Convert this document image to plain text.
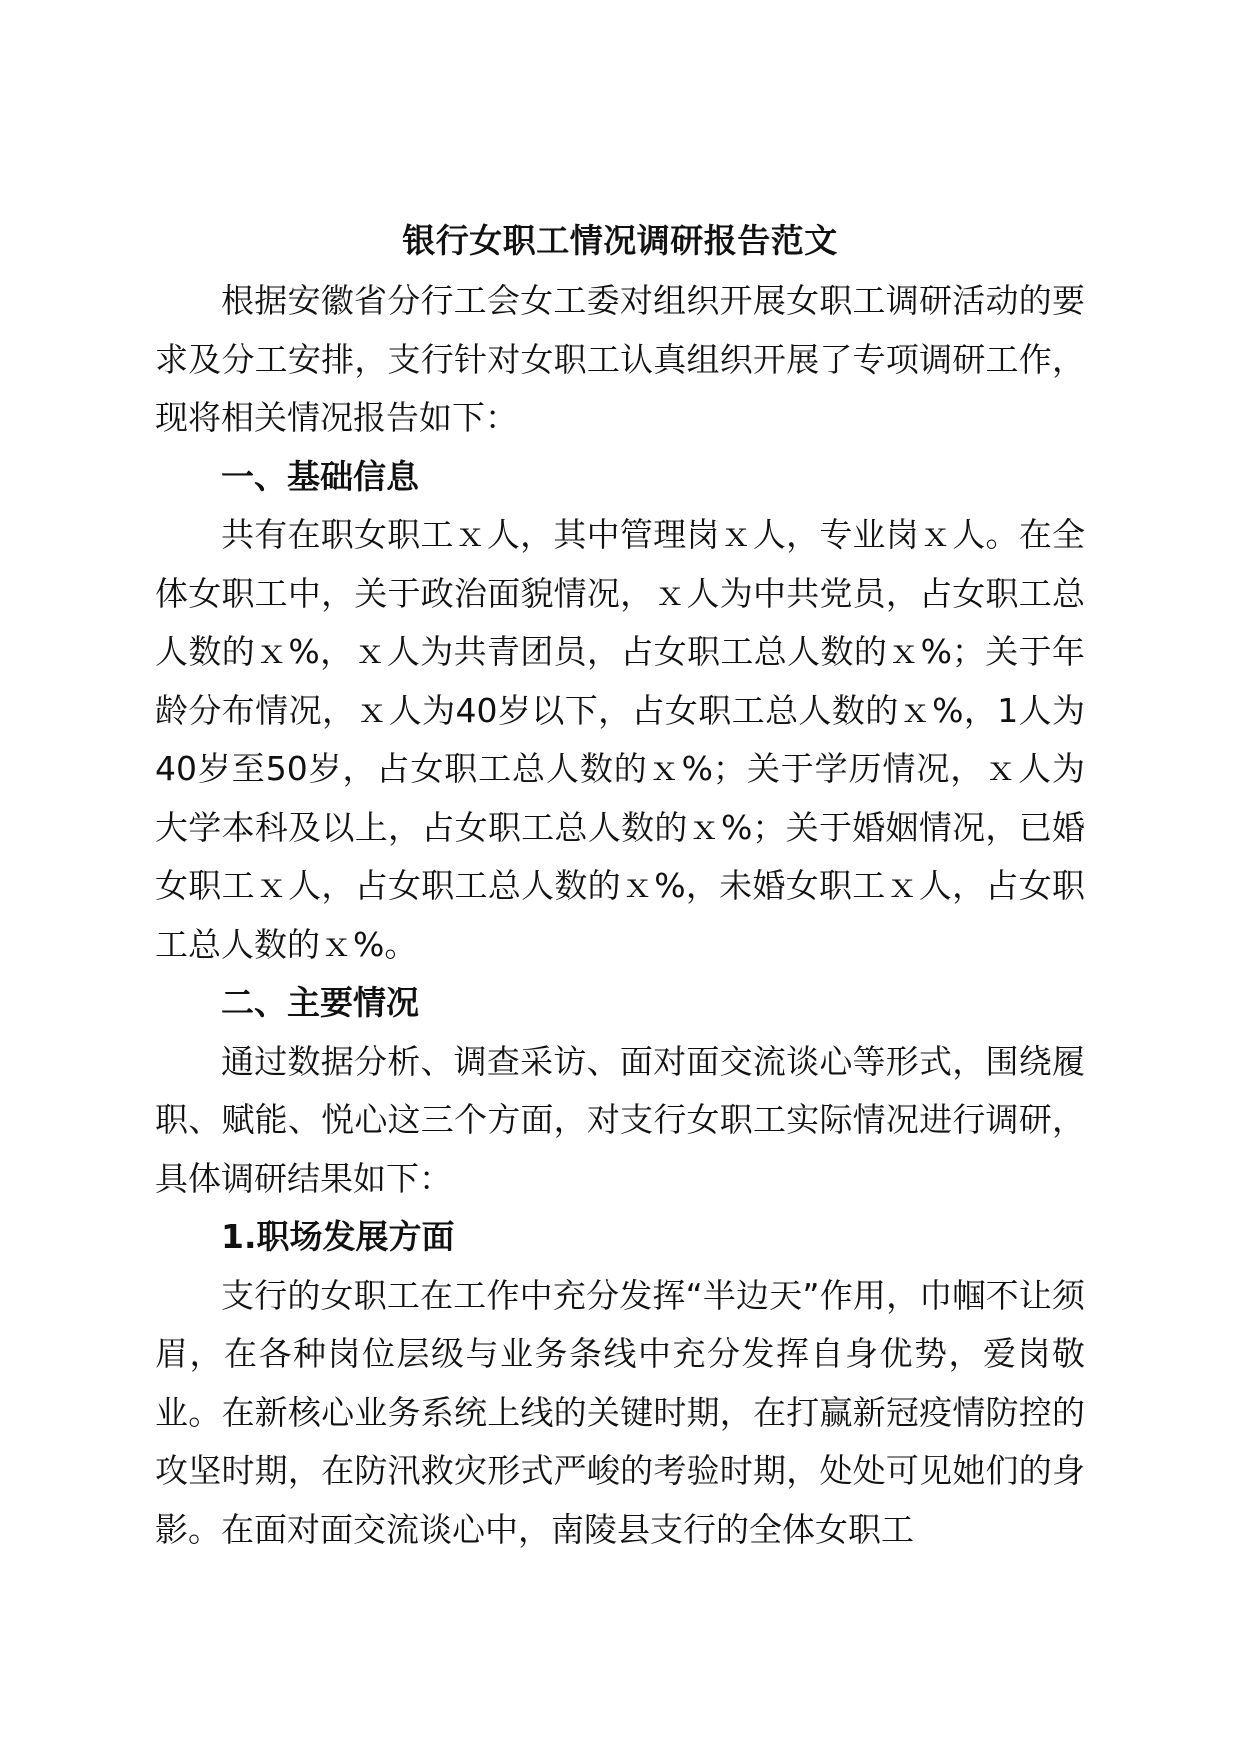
银行女职工情况调研报告范文

根据安徽省分行工会女工委对组织开展女职工调研活动的要求及分工安排，支行针对女职工认真组织开展了专项调研工作，现将相关情况报告如下：

一、基础信息

共有在职女职工ｘ人，其中管理岗ｘ人，专业岗ｘ人。在全体女职工中，关于政治面貌情况，ｘ人为中共党员，占女职工总人数的ｘ%，ｘ人为共青团员，占女职工总人数的ｘ%；关于年龄分布情况，ｘ人为40岁以下，占女职工总人数的ｘ%，1人为40岁至50岁，占女职工总人数的ｘ%；关于学历情况，ｘ人为大学本科及以上，占女职工总人数的ｘ%；关于婚姻情况，已婚女职工ｘ人，占女职工总人数的ｘ%，未婚女职工ｘ人，占女职工总人数的ｘ%。

二、主要情况

通过数据分析、调查采访、面对面交流谈心等形式，围绕履职、赋能、悦心这三个方面，对支行女职工实际情况进行调研，具体调研结果如下：

1.职场发展方面

支行的女职工在工作中充分发挥“半边天”作用，巾帼不让须眉，在各种岗位层级与业务条线中充分发挥自身优势，爱岗敬业。在新核心业务系统上线的关键时期，在打赢新冠疫情防控的攻坚时期，在防汛救灾形式严峻的考验时期，处处可见她们的身影。在面对面交流谈心中，南陵县支行的全体女职工
